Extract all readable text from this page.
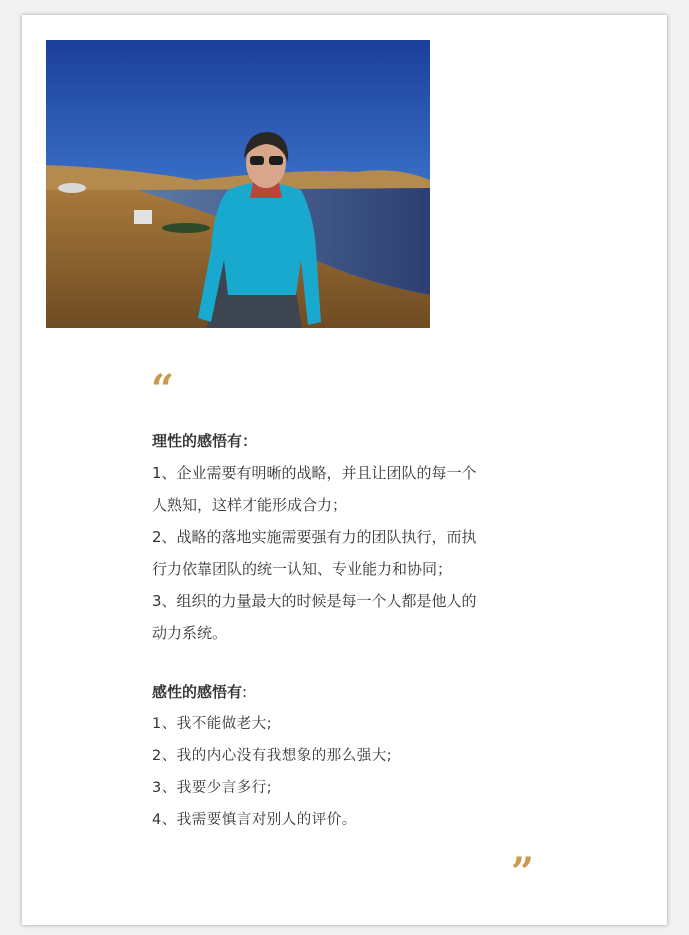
“
理性的感悟有：
1、企业需要有明晰的战略，并且让团队的每一个
人熟知，这样才能形成合力；
2、战略的落地实施需要强有力的团队执行，而执
行力依靠团队的统一认知、专业能力和协同；
3、组织的力量最大的时候是每一个人都是他人的
动力系统。
感性的感悟有:
1、我不能做老大;
2、我的内心没有我想象的那么强大;
3、我要少言多行;
4、我需要慎言对别人的评价。
”
